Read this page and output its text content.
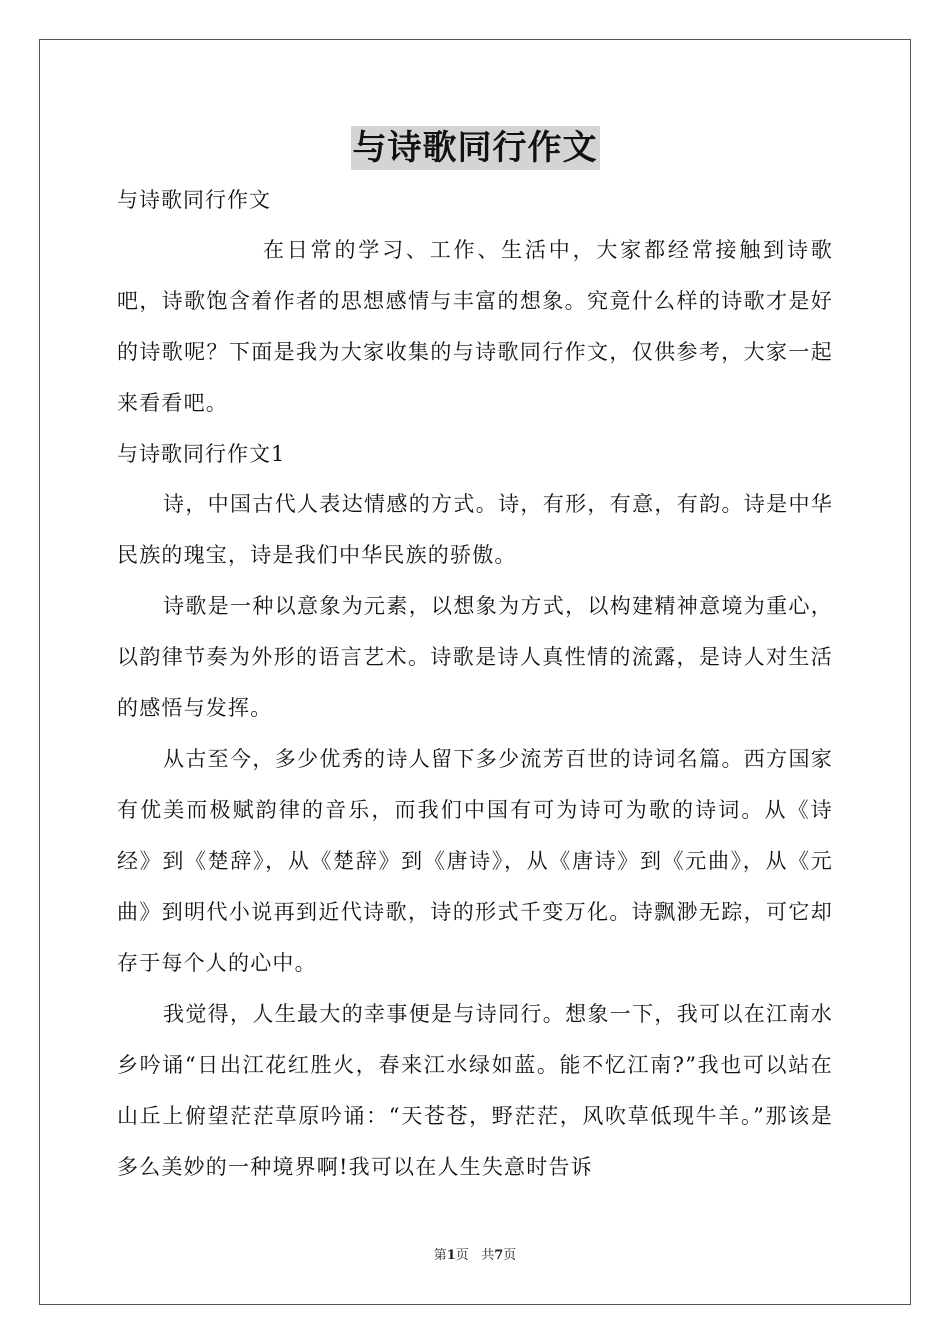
与诗歌同行作文

与诗歌同行作文

在日常的学习、工作、生活中，大家都经常接触到诗歌吧，诗歌饱含着作者的思想感情与丰富的想象。究竟什么样的诗歌才是好的诗歌呢？下面是我为大家收集的与诗歌同行作文，仅供参考，大家一起来看看吧。

与诗歌同行作文1

诗，中国古代人表达情感的方式。诗，有形，有意，有韵。诗是中华民族的瑰宝，诗是我们中华民族的骄傲。

诗歌是一种以意象为元素，以想象为方式，以构建精神意境为重心，以韵律节奏为外形的语言艺术。诗歌是诗人真性情的流露，是诗人对生活的感悟与发挥。

从古至今，多少优秀的诗人留下多少流芳百世的诗词名篇。西方国家有优美而极赋韵律的音乐，而我们中国有可为诗可为歌的诗词。从《诗经》到《楚辞》，从《楚辞》到《唐诗》，从《唐诗》到《元曲》，从《元曲》到明代小说再到近代诗歌，诗的形式千变万化。诗飘渺无踪，可它却存于每个人的心中。

我觉得，人生最大的幸事便是与诗同行。想象一下，我可以在江南水乡吟诵“日出江花红胜火，春来江水绿如蓝。能不忆江南?”我也可以站在山丘上俯望茫茫草原吟诵：“天苍苍，野茫茫，风吹草低现牛羊。”那该是多么美妙的一种境界啊!我可以在人生失意时告诉

第1页 共7页
